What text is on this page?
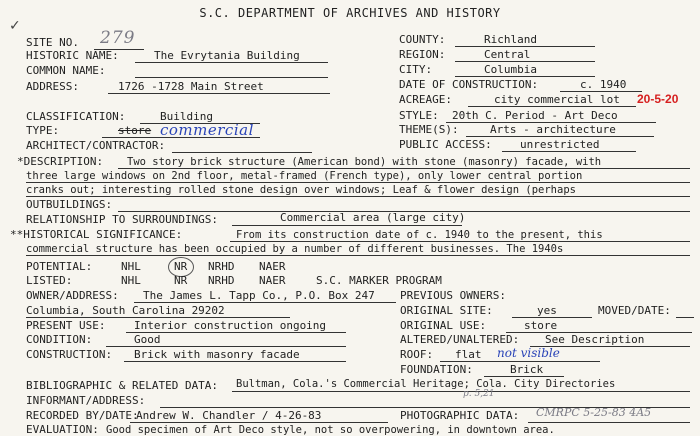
S.C. DEPARTMENT OF ARCHIVES AND HISTORY
✓
SITE NO. 279
HISTORIC NAME:	The Evrytania Building
COMMON NAME:
ADDRESS:	1726 -1728 Main Street
COUNTY:	Richland
REGION:	Central
CITY:	Columbia
DATE OF CONSTRUCTION:	c. 1940
ACREAGE:	city commercial lot 20-5-20
CLASSIFICATION:	Building
TYPE:	store commercial
ARCHITECT/CONTRACTOR:
STYLE: 20th C. Period - Art Deco
THEME(S):	Arts - architecture
PUBLIC ACCESS:	unrestricted
*DESCRIPTION: Two story brick structure (American bond) with stone (masonry) facade, with
three large windows on 2nd floor, metal-framed (French type), only lower central portion
cranks out; interesting rolled stone design over windows; Leaf & flower design (perhaps
OUTBUILDINGS:
RELATIONSHIP TO SURROUNDINGS:	Commercial area (large city)
**HISTORICAL SIGNIFICANCE:	From its construction date of c. 1940 to the present, this
commercial structure has been occupied by a number of different businesses. The 1940s
POTENTIAL:	NHL	NR NRHD NAER
LISTED:	NHL	NR NRHD NAER	S.C. MARKER PROGRAM
OWNER/ADDRESS: The James L. Tapp Co., P.O. Box 247
Columbia, South Carolina 29202
PREVIOUS OWNERS:
ORIGINAL SITE:	yes	MOVED/DATE:
PRESENT USE:	Interior construction ongoing	ORIGINAL USE:	store
CONDITION:	Good	ALTERED/UNALTERED: See Description
CONSTRUCTION: Brick with masonry facade	ROOF: flat not visible
FOUNDATION:	Brick
BIBLIOGRAPHIC & RELATED DATA: Bultman, Cola.'s Commercial Heritage; Cola. City Directories
p. 5,21
INFORMANT/ADDRESS:
RECORDED BY/DATE:
Andrew W. Chandler / 4-26-83	PHOTOGRAPHIC DATA: CMRPC 5-25-83 4A5
EVALUATION: Good specimen of Art Deco style, not so overpowering, in downtown area.
